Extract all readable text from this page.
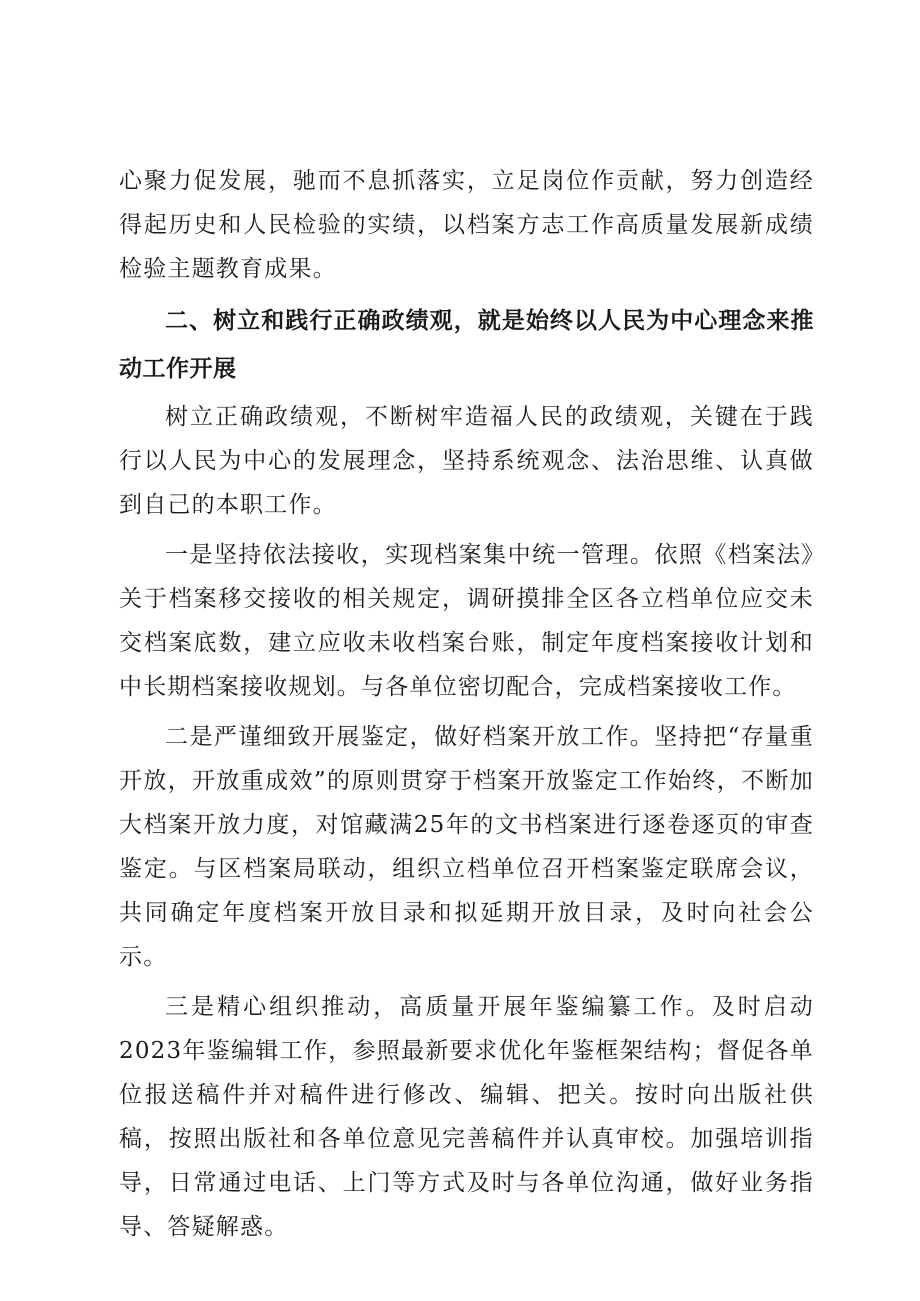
心聚力促发展，驰而不息抓落实，立足岗位作贡献，努力创造经得起历史和人民检验的实绩，以档案方志工作高质量发展新成绩检验主题教育成果。

二、树立和践行正确政绩观，就是始终以人民为中心理念来推动工作开展

树立正确政绩观，不断树牢造福人民的政绩观，关键在于践行以人民为中心的发展理念，坚持系统观念、法治思维、认真做到自己的本职工作。

一是坚持依法接收，实现档案集中统一管理。依照《档案法》关于档案移交接收的相关规定，调研摸排全区各立档单位应交未交档案底数，建立应收未收档案台账，制定年度档案接收计划和中长期档案接收规划。与各单位密切配合，完成档案接收工作。

二是严谨细致开展鉴定，做好档案开放工作。坚持把“存量重开放，开放重成效”的原则贯穿于档案开放鉴定工作始终，不断加大档案开放力度，对馆藏满25年的文书档案进行逐卷逐页的审查鉴定。与区档案局联动，组织立档单位召开档案鉴定联席会议，共同确定年度档案开放目录和拟延期开放目录，及时向社会公示。

三是精心组织推动，高质量开展年鉴编纂工作。及时启动2023年鉴编辑工作，参照最新要求优化年鉴框架结构；督促各单位报送稿件并对稿件进行修改、编辑、把关。按时向出版社供稿，按照出版社和各单位意见完善稿件并认真审校。加强培训指导，日常通过电话、上门等方式及时与各单位沟通，做好业务指导、答疑解惑。
